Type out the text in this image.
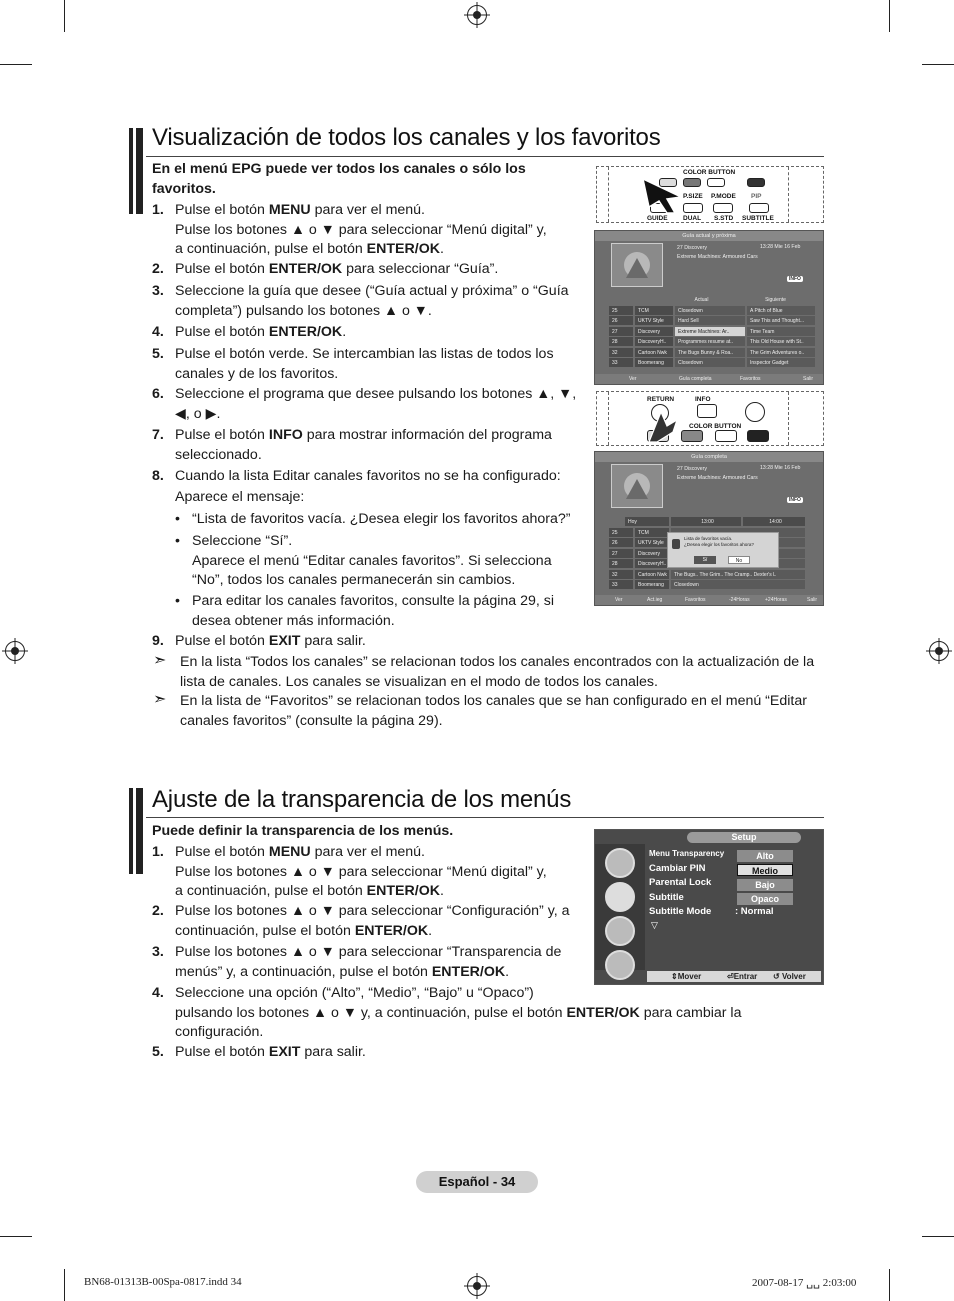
Visualización de todos los canales y los favoritos
En el menú EPG puede ver todos los canales o sólo los favoritos.
1. Pulse el botón MENU para ver el menú.
Pulse los botones ▲ o ▼ para seleccionar “Menú digital” y,
a continuación, pulse el botón ENTER/OK.
2. Pulse el botón ENTER/OK para seleccionar “Guía”.
3. Seleccione la guía que desee (“Guía actual y próxima” o “Guía
completa”) pulsando los botones ▲ o ▼.
4. Pulse el botón ENTER/OK.
5. Pulse el botón verde. Se intercambian las listas de todos los
canales y de los favoritos.
6. Seleccione el programa que desee pulsando los botones ▲, ▼,
◀, o ▶.
7. Pulse el botón INFO para mostrar información del programa
seleccionado.
8. Cuando la lista Editar canales favoritos no se ha configurado:
Aparece el mensaje:
• “Lista de favoritos vacía. ¿Desea elegir los favoritos ahora?”
• Seleccione “Sí”.
Aparece el menú “Editar canales favoritos”. Si selecciona
“No”, todos los canales permanecerán sin cambios.
• Para editar los canales favoritos, consulte la página 29, si
desea obtener más información.
9. Pulse el botón EXIT para salir.
COLOR BUTTON
P.SIZE P.MODE PIP
GUIDE DUAL S.STD SUBTITLE
Guía actual y próxima
27 Discovery	13:28 Mie 16 Feb
Extreme Machines: Armoured Cars
INFO
Actual	Siguiente
25	TCM	Closedown	A Pitch of Blue
26	UKTV Style	Hard Sell	Saw This and Thought...
27	Discovery	Extreme Machines: Ar..	Time Team
28	DiscoveryH..	Programmes resume at..	This Old House with St..
32	Cartoon Nwk	The Bugs Bunny & Roa..	The Grim Adventures o..
33	Boomerang	Closedown	Inspector Gadget
Ver	Guía completa	Favoritos	Salir
RETURN	INFO
COLOR BUTTON
Guía completa
27 Discovery	13:28 Mie 16 Feb
Extreme Machines: Armoured Cars
INFO
Hoy	13:00	14:00
25	TCM
26	UKTV Style
27	Discovery
28	DiscoveryH..
32	Cartoon Nwk	The Bugs.. The Grim.. The Cramp.. Dexter's L
33	Boomerang	Closedown
Lista de favoritos vacía.
¿Desea elegir los favoritos ahora?
Sí	No
Ver	Act.ieg	Favoritos	-24Horas	+24Horas	Salir
➣ En la lista “Todos los canales” se relacionan todos los canales encontrados con la actualización de la
lista de canales. Los canales se visualizan en el modo de todos los canales.
➣ En la lista de “Favoritos” se relacionan todos los canales que se han configurado en el menú “Editar
canales favoritos” (consulte la página 29).
Ajuste de la transparencia de los menús
Puede definir la transparencia de los menús.
1. Pulse el botón MENU para ver el menú.
Pulse los botones ▲ o ▼ para seleccionar “Menú digital” y,
a continuación, pulse el botón ENTER/OK.
2. Pulse los botones ▲ o ▼ para seleccionar “Configuración” y, a
continuación, pulse el botón ENTER/OK.
3. Pulse los botones ▲ o ▼ para seleccionar “Transparencia de
menús” y, a continuación, pulse el botón ENTER/OK.
4. Seleccione una opción (“Alto”, “Medio”, “Bajo” u “Opaco”)
pulsando los botones ▲ o ▼ y, a continuación, pulse el botón ENTER/OK para cambiar la
configuración.
5. Pulse el botón EXIT para salir.
Setup
Menu Transparency
Cambiar PIN
Parental Lock
Subtitle
Subtitle Mode : Normal
▽
Alto
Medio
Bajo
Opaco
⇕Mover	⏎Entrar ↺ Volver
Español - 34
BN68-01313B-00Spa-0817.indd 34	2007-08-17 ␣␣ 2:03:00
